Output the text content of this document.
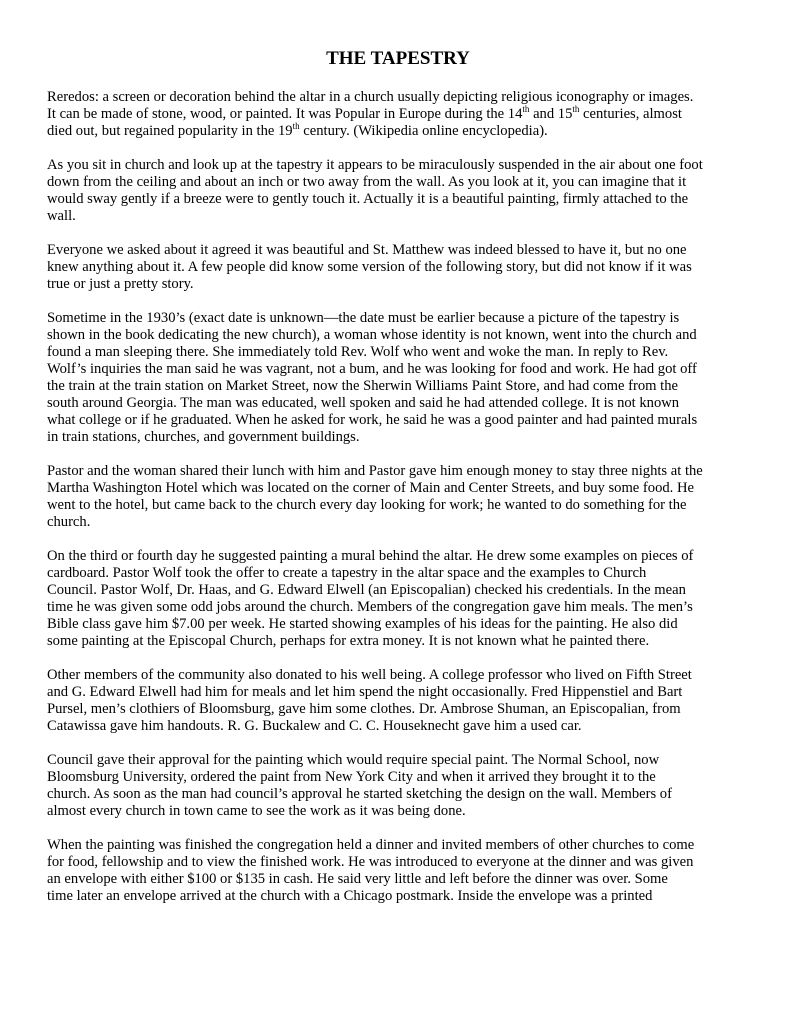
THE TAPESTRY

Reredos: a screen or decoration behind the altar in a church usually depicting religious iconography or images.
It can be made of stone, wood, or painted. It was Popular in Europe during the 14th and 15th centuries, almost
died out, but regained popularity in the 19th century. (Wikipedia online encyclopedia).

As you sit in church and look up at the tapestry it appears to be miraculously suspended in the air about one foot
down from the ceiling and about an inch or two away from the wall. As you look at it, you can imagine that it
would sway gently if a breeze were to gently touch it. Actually it is a beautiful painting, firmly attached to the
wall.

Everyone we asked about it agreed it was beautiful and St. Matthew was indeed blessed to have it, but no one
knew anything about it. A few people did know some version of the following story, but did not know if it was
true or just a pretty story.

Sometime in the 1930’s (exact date is unknown—the date must be earlier because a picture of the tapestry is
shown in the book dedicating the new church), a woman whose identity is not known, went into the church and
found a man sleeping there. She immediately told Rev. Wolf who went and woke the man. In reply to Rev.
Wolf’s inquiries the man said he was vagrant, not a bum, and he was looking for food and work. He had got off
the train at the train station on Market Street, now the Sherwin Williams Paint Store, and had come from the
south around Georgia. The man was educated, well spoken and said he had attended college. It is not known
what college or if he graduated. When he asked for work, he said he was a good painter and had painted murals
in train stations, churches, and government buildings.

Pastor and the woman shared their lunch with him and Pastor gave him enough money to stay three nights at the
Martha Washington Hotel which was located on the corner of Main and Center Streets, and buy some food. He
went to the hotel, but came back to the church every day looking for work; he wanted to do something for the
church.

On the third or fourth day he suggested painting a mural behind the altar. He drew some examples on pieces of
cardboard. Pastor Wolf took the offer to create a tapestry in the altar space and the examples to Church
Council. Pastor Wolf, Dr. Haas, and G. Edward Elwell (an Episcopalian) checked his credentials. In the mean
time he was given some odd jobs around the church. Members of the congregation gave him meals. The men’s
Bible class gave him $7.00 per week. He started showing examples of his ideas for the painting. He also did
some painting at the Episcopal Church, perhaps for extra money. It is not known what he painted there.

Other members of the community also donated to his well being. A college professor who lived on Fifth Street
and G. Edward Elwell had him for meals and let him spend the night occasionally. Fred Hippenstiel and Bart
Pursel, men’s clothiers of Bloomsburg, gave him some clothes. Dr. Ambrose Shuman, an Episcopalian, from
Catawissa gave him handouts. R. G. Buckalew and C. C. Houseknecht gave him a used car.

Council gave their approval for the painting which would require special paint. The Normal School, now
Bloomsburg University, ordered the paint from New York City and when it arrived they brought it to the
church. As soon as the man had council’s approval he started sketching the design on the wall. Members of
almost every church in town came to see the work as it was being done.

When the painting was finished the congregation held a dinner and invited members of other churches to come
for food, fellowship and to view the finished work. He was introduced to everyone at the dinner and was given
an envelope with either $100 or $135 in cash. He said very little and left before the dinner was over. Some
time later an envelope arrived at the church with a Chicago postmark. Inside the envelope was a printed
